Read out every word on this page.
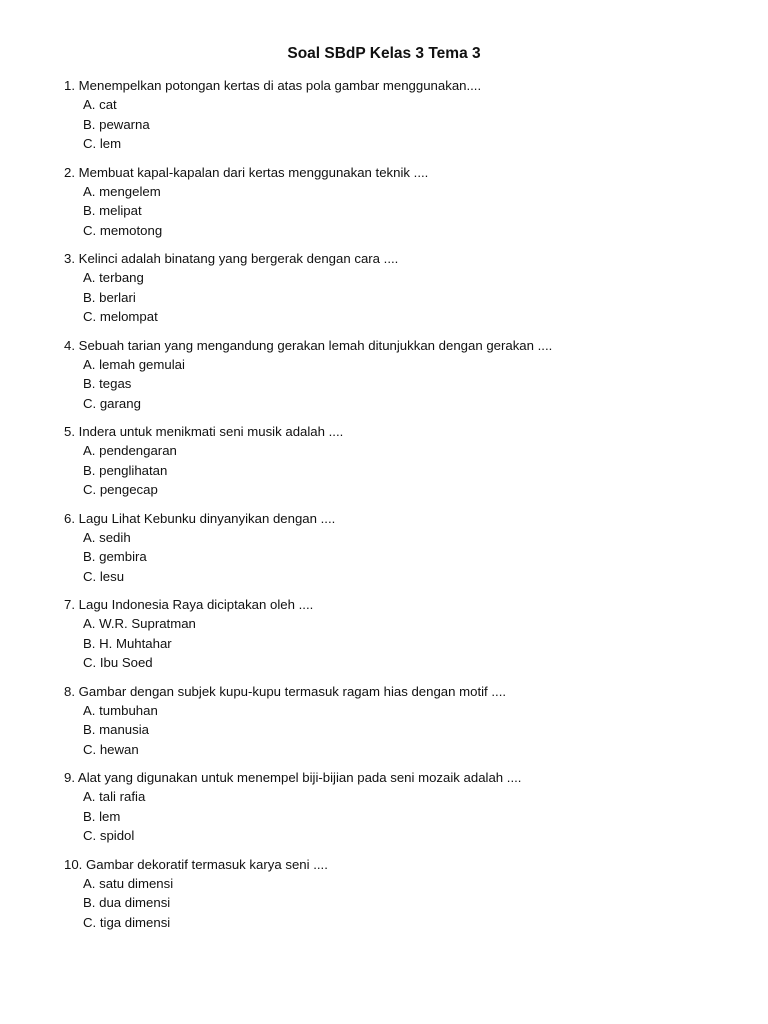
Soal SBdP Kelas 3 Tema 3
1. Menempelkan potongan kertas di atas pola gambar menggunakan....
A. cat
B. pewarna
C. lem
2. Membuat kapal-kapalan dari kertas menggunakan teknik ....
A. mengelem
B. melipat
C. memotong
3. Kelinci adalah binatang yang bergerak dengan cara ....
A. terbang
B. berlari
C. melompat
4. Sebuah tarian yang mengandung gerakan lemah ditunjukkan dengan gerakan ....
A. lemah gemulai
B. tegas
C. garang
5. Indera untuk menikmati seni musik adalah ....
A. pendengaran
B. penglihatan
C. pengecap
6. Lagu Lihat Kebunku dinyanyikan dengan ....
A. sedih
B. gembira
C. lesu
7. Lagu Indonesia Raya diciptakan oleh ....
A. W.R. Supratman
B. H. Muhtahar
C. Ibu Soed
8. Gambar dengan subjek kupu-kupu termasuk ragam hias dengan motif ....
A. tumbuhan
B. manusia
C. hewan
9. Alat yang digunakan untuk menempel biji-bijian pada seni mozaik adalah ....
A. tali rafia
B. lem
C. spidol
10. Gambar dekoratif termasuk karya seni ....
A. satu dimensi
B. dua dimensi
C. tiga dimensi
